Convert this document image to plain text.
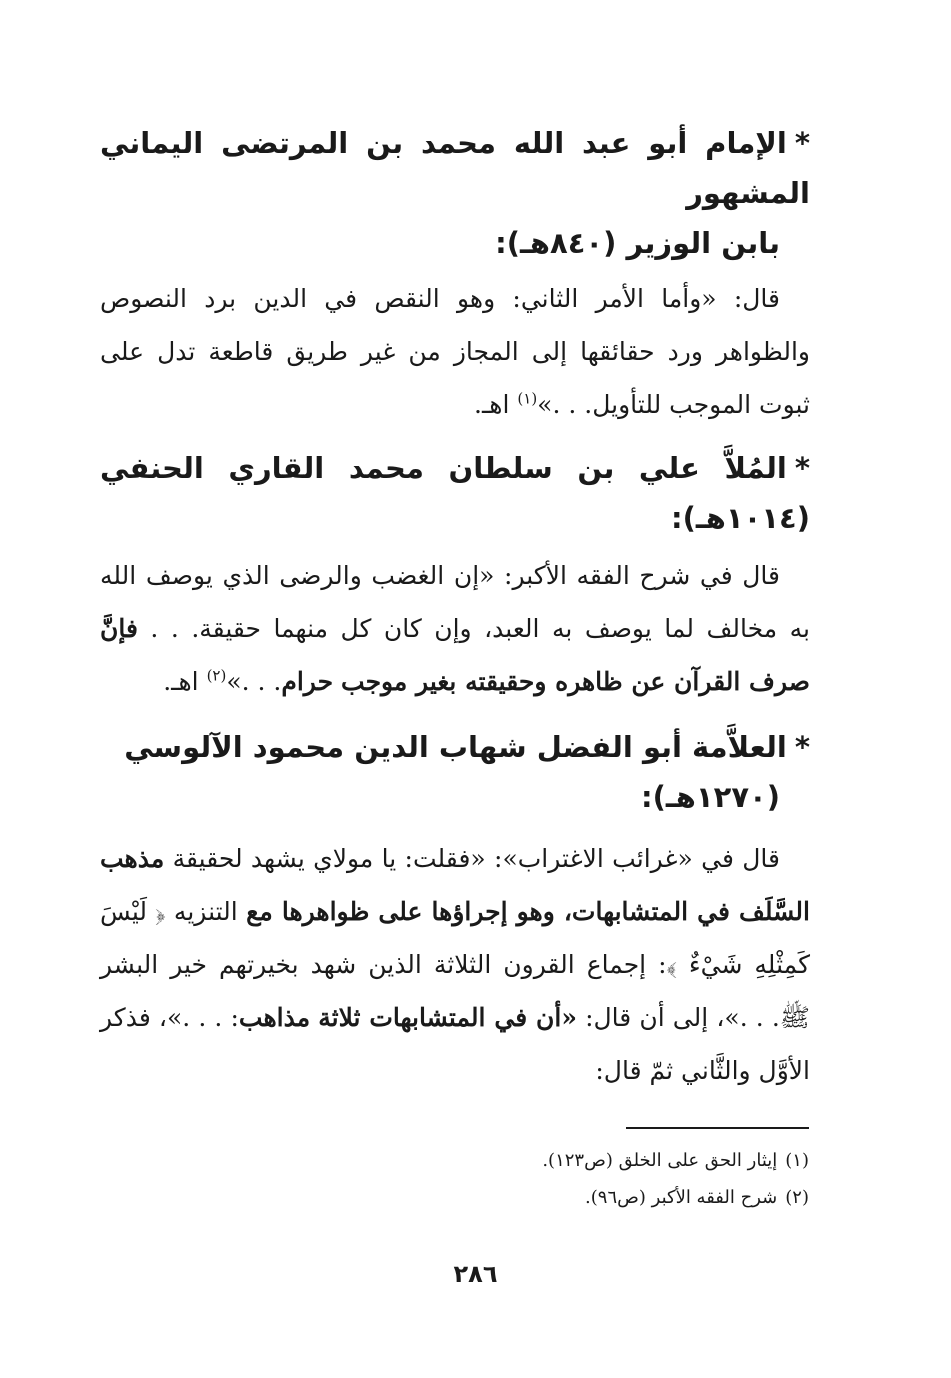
*الإمام أبو عبد الله محمد بن المرتضى اليماني المشهور
بابن الوزير (٨٤٠هـ):

قال: «وأما الأمر الثاني: وهو النقص في الدين برد النصوص والظواهر ورد حقائقها إلى المجاز من غير طريق قاطعة تدل على ثبوت الموجب للتأويل. . .»$^{(١)}$ اهـ.

*المُلاَّ علي بن سلطان محمد القاري الحنفي (١٠١٤هـ):

قال في شرح الفقه الأكبر: «إن الغضب والرضى الذي يوصف الله به مخالف لما يوصف به العبد، وإن كان كل منهما حقيقة. . . فإنَّ صرف القرآن عن ظاهره وحقيقته بغير موجب حرام. . .»$^{(٢)}$ اهـ.

*العلاَّمة أبو الفضل شهاب الدين محمود الآلوسي
(١٢٧٠هـ):

قال في «غرائب الاغتراب»: «فقلت: يا مولاي يشهد لحقيقة مذهب السَّلَف في المتشابهات، وهو إجراؤها على ظواهرها مع التنزيه ﴿ لَيْسَ كَمِثْلِهِ شَيْءٌ ﴾: إجماع القرون الثلاثة الذين شهد بخيرتهم خير البشر ﷺ. . .»، إلى أن قال: «أن في المتشابهات ثلاثة مذاهب: . . .»، فذكر الأوَّل والثَّاني ثمّ قال:

(١)إيثار الحق على الخلق (ص١٢٣).
(٢)شرح الفقه الأكبر (ص٩٦).
٢٨٦
